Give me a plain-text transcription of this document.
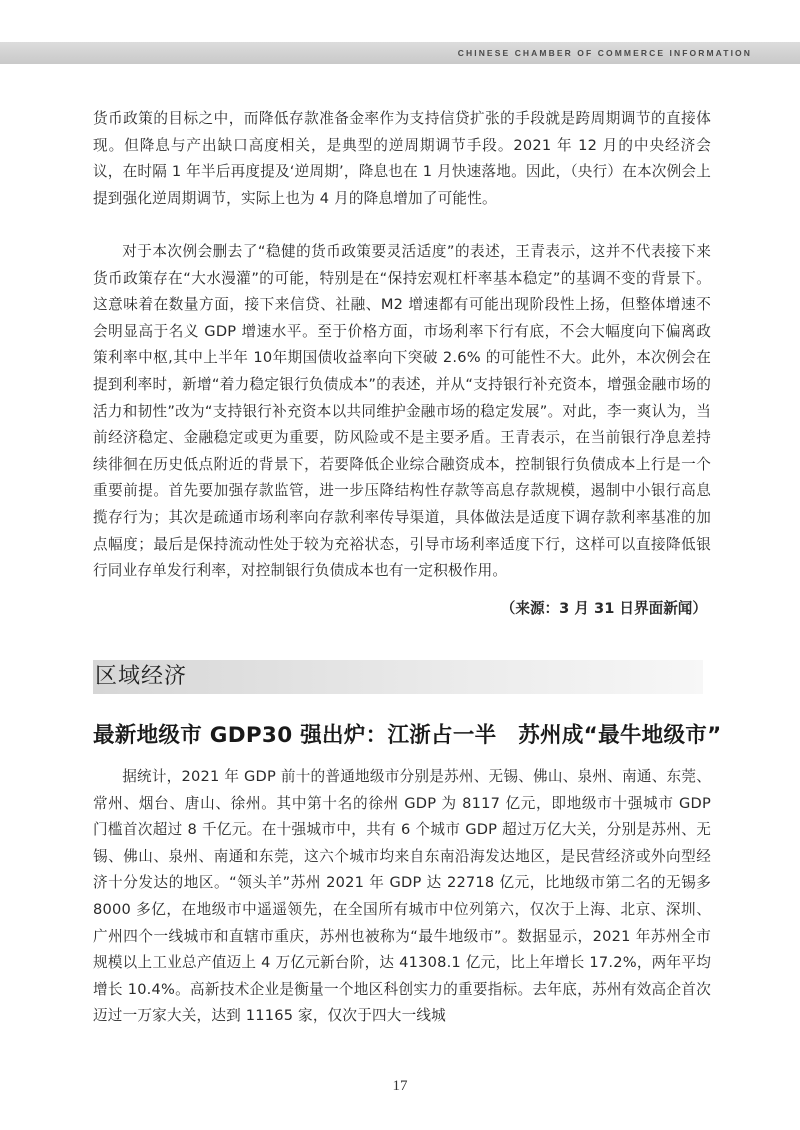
CHINESE CHAMBER OF COMMERCE INFORMATION

货币政策的目标之中，而降低存款准备金率作为支持信贷扩张的手段就是跨周期调节的直接体现。但降息与产出缺口高度相关，是典型的逆周期调节手段。2021 年 12 月的中央经济会议，在时隔 1 年半后再度提及‘逆周期’，降息也在 1 月快速落地。因此，（央行）在本次例会上提到强化逆周期调节，实际上也为 4 月的降息增加了可能性。

对于本次例会删去了“稳健的货币政策要灵活适度”的表述，王青表示，这并不代表接下来货币政策存在“大水漫灌”的可能，特别是在“保持宏观杠杆率基本稳定”的基调不变的背景下。这意味着在数量方面，接下来信贷、社融、M2 增速都有可能出现阶段性上扬，但整体增速不会明显高于名义 GDP 增速水平。至于价格方面，市场利率下行有底，不会大幅度向下偏离政策利率中枢,其中上半年 10年期国债收益率向下突破 2.6% 的可能性不大。此外，本次例会在提到利率时，新增“着力稳定银行负债成本”的表述，并从“支持银行补充资本，增强金融市场的活力和韧性”改为“支持银行补充资本以共同维护金融市场的稳定发展”。对此，李一爽认为，当前经济稳定、金融稳定或更为重要，防风险或不是主要矛盾。王青表示，在当前银行净息差持续徘徊在历史低点附近的背景下，若要降低企业综合融资成本，控制银行负债成本上行是一个重要前提。首先要加强存款监管，进一步压降结构性存款等高息存款规模，遏制中小银行高息揽存行为；其次是疏通市场利率向存款利率传导渠道，具体做法是适度下调存款利率基准的加点幅度；最后是保持流动性处于较为充裕状态，引导市场利率适度下行，这样可以直接降低银行同业存单发行利率，对控制银行负债成本也有一定积极作用。

（来源：3 月 31 日界面新闻）
区域经济
最新地级市 GDP30 强出炉：江浙占一半　苏州成“最牛地级市”

据统计，2021 年 GDP 前十的普通地级市分别是苏州、无锡、佛山、泉州、南通、东莞、常州、烟台、唐山、徐州。其中第十名的徐州 GDP 为 8117 亿元，即地级市十强城市 GDP 门槛首次超过 8 千亿元。在十强城市中，共有 6 个城市 GDP 超过万亿大关，分别是苏州、无锡、佛山、泉州、南通和东莞，这六个城市均来自东南沿海发达地区，是民营经济或外向型经济十分发达的地区。“领头羊”苏州 2021 年 GDP 达 22718 亿元，比地级市第二名的无锡多 8000 多亿，在地级市中遥遥领先，在全国所有城市中位列第六，仅次于上海、北京、深圳、广州四个一线城市和直辖市重庆，苏州也被称为“最牛地级市”。数据显示，2021 年苏州全市规模以上工业总产值迈上 4 万亿元新台阶，达 41308.1 亿元，比上年增长 17.2%，两年平均增长 10.4%。高新技术企业是衡量一个地区科创实力的重要指标。去年底，苏州有效高企首次迈过一万家大关，达到 11165 家，仅次于四大一线城

17
